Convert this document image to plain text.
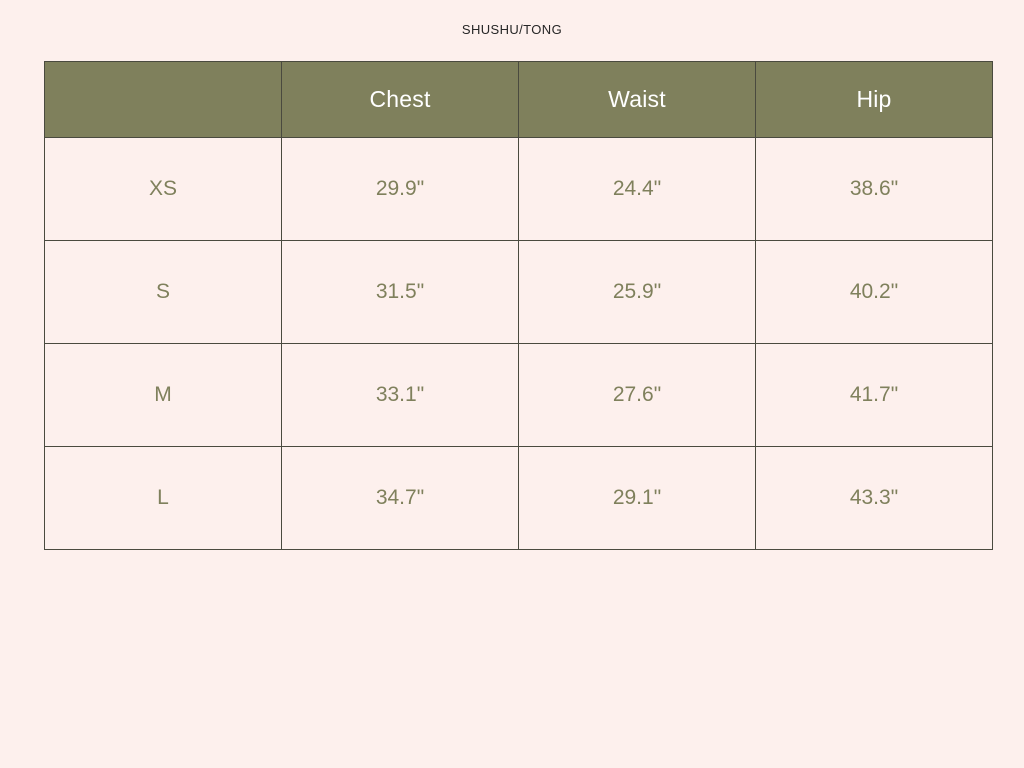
SHUSHU/TONG
	Chest	Waist	Hip
XS	29.9"	24.4"	38.6"
S	31.5"	25.9"	40.2"
M	33.1"	27.6"	41.7"
L	34.7"	29.1"	43.3"
